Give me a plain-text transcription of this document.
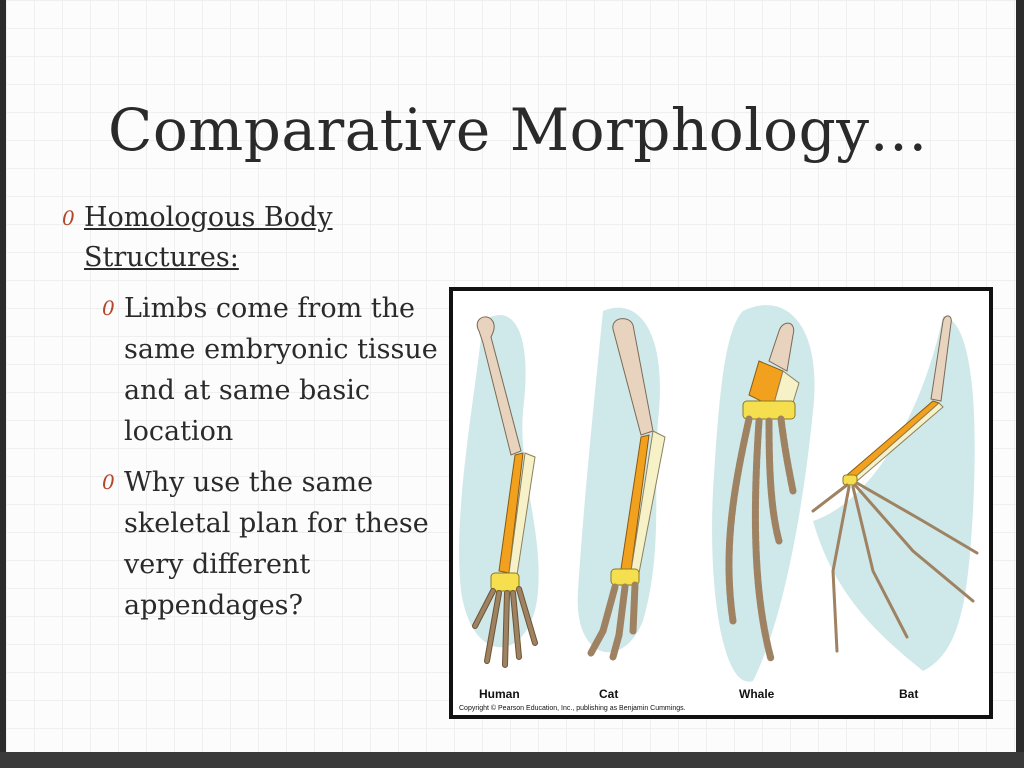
Comparative Morphology…
0 Homologous Body Structures:
0 Limbs come from the same embryonic tissue and at same basic location
0 Why use the same skeletal plan for these very different appendages?
Human	Cat	Whale	Bat
Copyright © Pearson Education, Inc., publishing as Benjamin Cummings.
